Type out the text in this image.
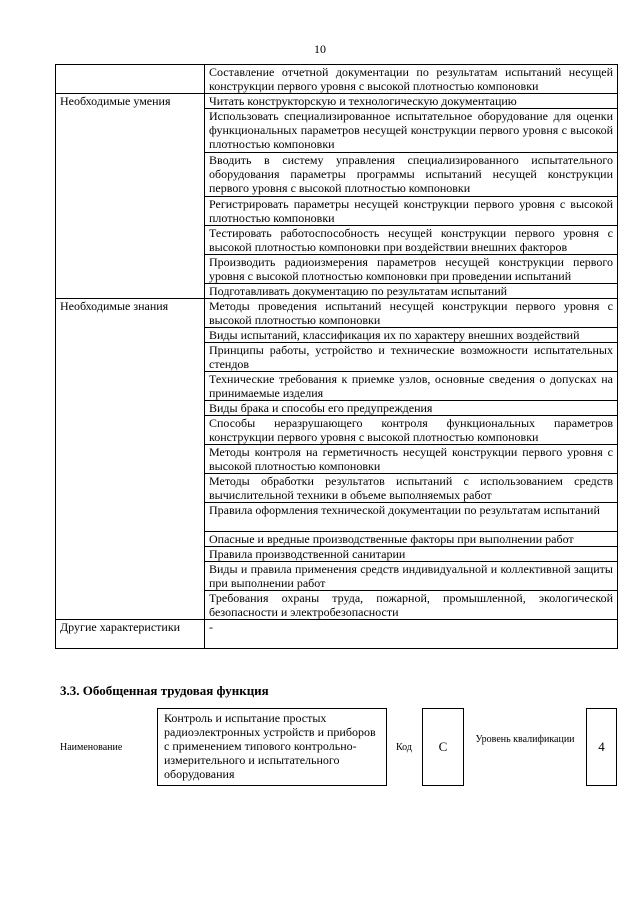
10
	Составление отчетной документации по результатам испытаний несущей конструкции первого уровня с высокой плотностью компоновки
Необходимые умения	Читать конструкторскую и технологическую документацию
	Использовать специализированное испытательное оборудование для оценки функциональных параметров несущей конструкции первого уровня с высокой плотностью компоновки
	Вводить в систему управления специализированного испытательного оборудования параметры программы испытаний несущей конструкции первого уровня с высокой плотностью компоновки
	Регистрировать параметры несущей конструкции первого уровня с высокой плотностью компоновки
	Тестировать работоспособность несущей конструкции первого уровня с высокой плотностью компоновки при воздействии внешних факторов
	Производить радиоизмерения параметров несущей конструкции первого уровня с высокой плотностью компоновки при проведении испытаний
	Подготавливать документацию по результатам испытаний
Необходимые знания	Методы проведения испытаний несущей конструкции первого уровня с высокой плотностью компоновки
	Виды испытаний, классификация их по характеру внешних воздействий
	Принципы работы, устройство и технические возможности испытательных стендов
	Технические требования к приемке узлов, основные сведения о допусках на принимаемые изделия
	Виды брака и способы его предупреждения
	Способы неразрушающего контроля функциональных параметров конструкции первого уровня с высокой плотностью компоновки
	Методы контроля на герметичность несущей конструкции первого уровня с высокой плотностью компоновки
	Методы обработки результатов испытаний с использованием средств вычислительной техники в объеме выполняемых работ
	Правила оформления технической документации по результатам испытаний
	Опасные и вредные производственные факторы при выполнении работ
	Правила производственной санитарии
	Виды и правила применения средств индивидуальной и коллективной защиты при выполнении работ
	Требования охраны труда, пожарной, промышленной, экологической безопасности и электробезопасности
Другие характеристики	-
3.3. Обобщенная трудовая функция
Наименование
Контроль и испытание простых радиоэлектронных устройств и приборов с применением типового контрольно-измерительного и испытательного оборудования
Код C	Уровень квалификации	4
